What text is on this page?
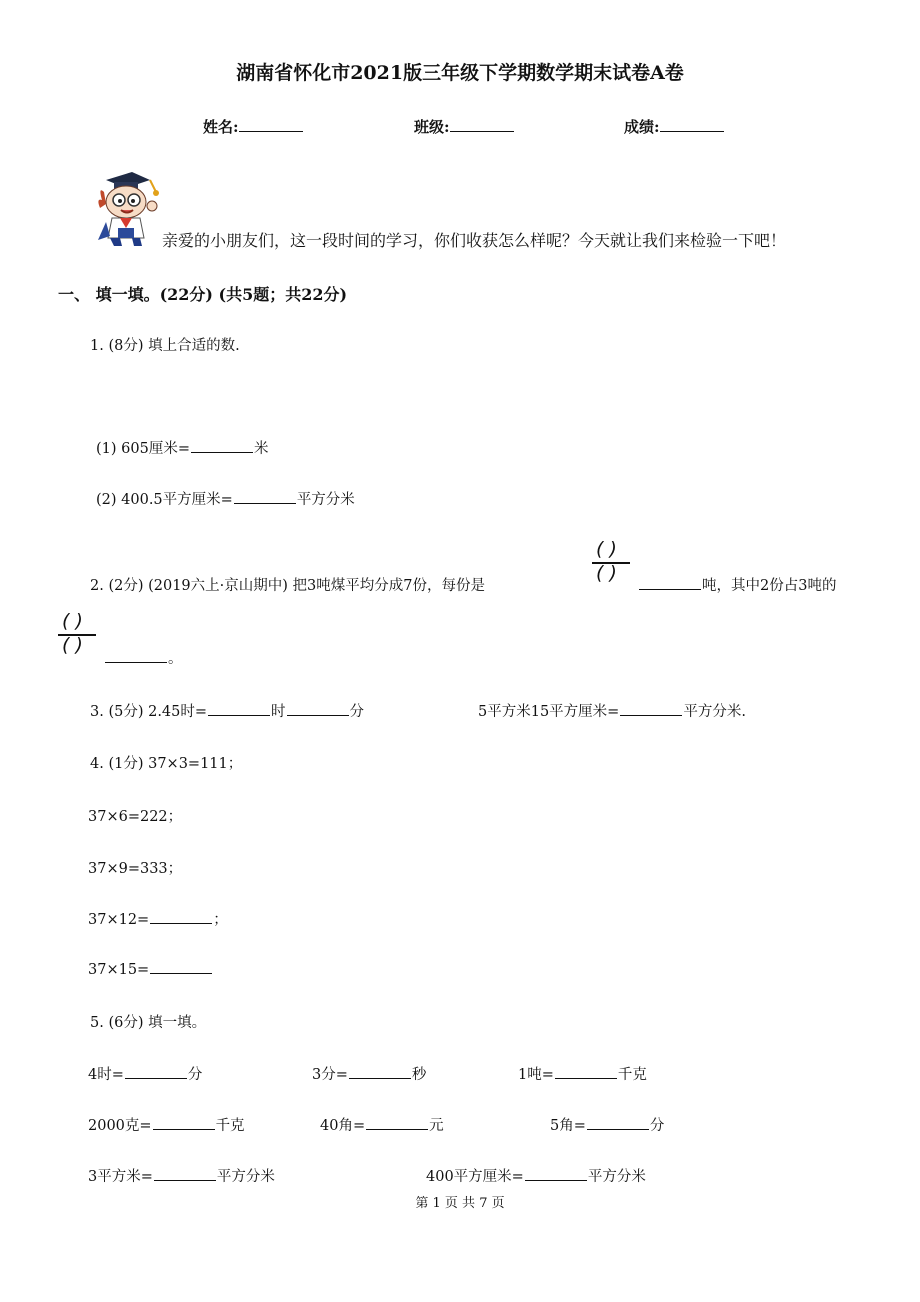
湖南省怀化市2021版三年级下学期数学期末试卷A卷
姓名:	班级:	成绩:
亲爱的小朋友们，这一段时间的学习，你们收获怎么样呢？今天就让我们来检验一下吧！
一、 填一填。(22分) (共5题；共22分)
1. (8分) 填上合适的数.
(1) 605厘米=	米
(2) 400.5平方厘米=	平方分米
2. (2分) (2019六上·京山期中) 把3吨煤平均分成7份，每份是
( )
( )
吨，其中2份占3吨的
( )
( )
。
3. (5分) 2.45时=	时	分	5平方米15平方厘米=	平方分米.
4. (1分) 37×3=111；
37×6=222；
37×9=333；
37×12=	；
37×15=
5. (6分) 填一填。
4时=	分	3分=	秒	1吨=	千克
2000克=	千克	40角=	元	5角=	分
3平方米=	平方分米	400平方厘米=	平方分米
第 1 页 共 7 页
